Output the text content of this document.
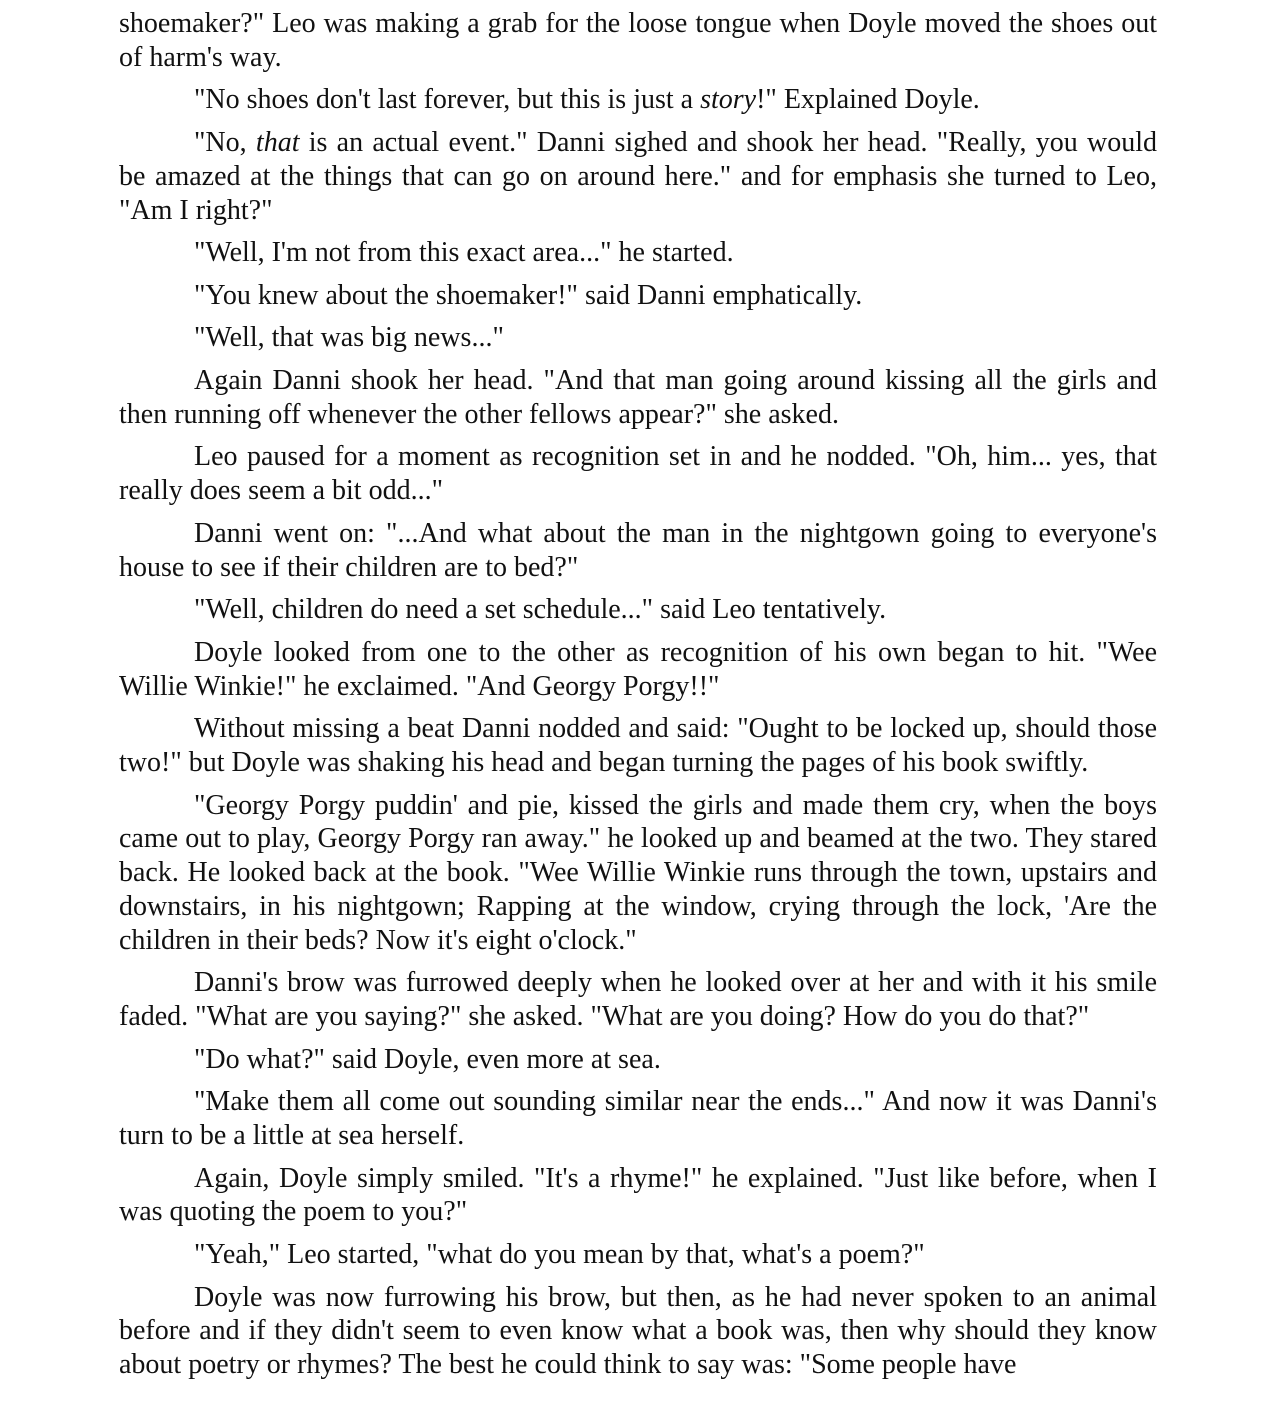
shoemaker?" Leo was making a grab for the loose tongue when Doyle moved the shoes out of harm's way.

"No shoes don't last forever, but this is just a story!" Explained Doyle.

"No, that is an actual event." Danni sighed and shook her head. "Really, you would be amazed at the things that can go on around here." and for emphasis she turned to Leo, "Am I right?"

"Well, I'm not from this exact area..." he started.

"You knew about the shoemaker!" said Danni emphatically.

"Well, that was big news..."

Again Danni shook her head. "And that man going around kissing all the girls and then running off whenever the other fellows appear?" she asked.

Leo paused for a moment as recognition set in and he nodded. "Oh, him... yes, that really does seem a bit odd..."

Danni went on: "...And what about the man in the nightgown going to everyone's house to see if their children are to bed?"

"Well, children do need a set schedule..." said Leo tentatively.

Doyle looked from one to the other as recognition of his own began to hit. "Wee Willie Winkie!" he exclaimed. "And Georgy Porgy!!"

Without missing a beat Danni nodded and said: "Ought to be locked up, should those two!" but Doyle was shaking his head and began turning the pages of his book swiftly.

"Georgy Porgy puddin' and pie, kissed the girls and made them cry, when the boys came out to play, Georgy Porgy ran away." he looked up and beamed at the two. They stared back. He looked back at the book. "Wee Willie Winkie runs through the town, upstairs and downstairs, in his nightgown; Rapping at the window, crying through the lock, 'Are the children in their beds? Now it's eight o'clock."

Danni's brow was furrowed deeply when he looked over at her and with it his smile faded. "What are you saying?" she asked. "What are you doing? How do you do that?"

"Do what?" said Doyle, even more at sea.

"Make them all come out sounding similar near the ends..." And now it was Danni's turn to be a little at sea herself.

Again, Doyle simply smiled. "It's a rhyme!" he explained. "Just like before, when I was quoting the poem to you?"

"Yeah," Leo started, "what do you mean by that, what's a poem?"

Doyle was now furrowing his brow, but then, as he had never spoken to an animal before and if they didn't seem to even know what a book was, then why should they know about poetry or rhymes? The best he could think to say was: "Some people have
